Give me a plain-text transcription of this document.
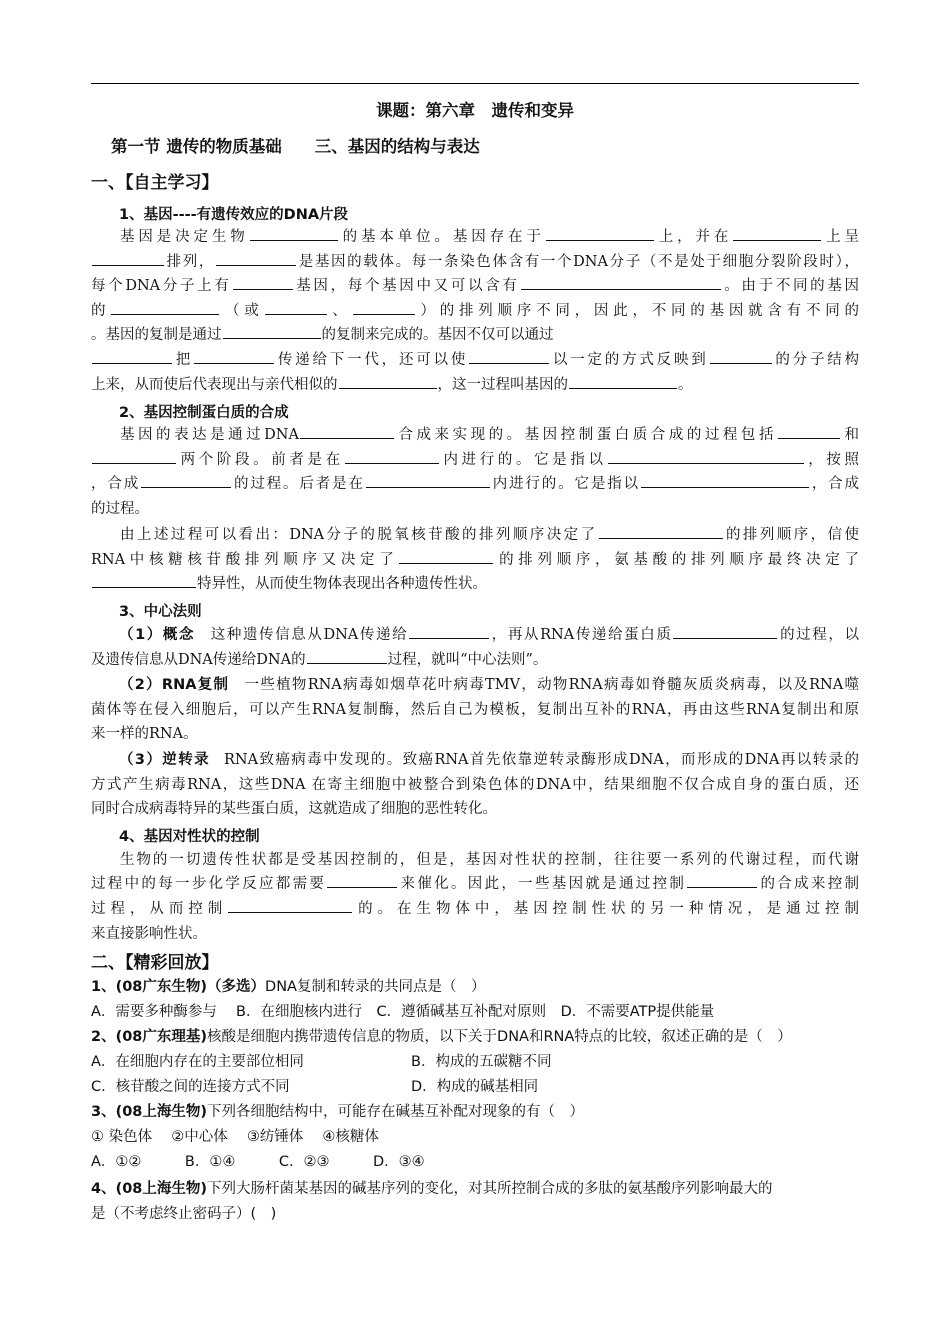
课题：第六章　遗传和变异
第一节 遗传的物质基础　　三、基因的结构与表达
一、【自主学习】
1、基因----有遗传效应的DNA片段
基因是决定生物	的基本单位。基因存在于	上，并在	上呈
排列，	是基因的载体。每一条染色体含有一个DNA分子（不是处于细胞分裂阶段时），
每个DNA分子上有	基因，每个基因中又可以含有	。由于不同的基因
的	（或	、	）的排列顺序不同，因此，不同的基因就含有不同的
。基因的复制是通过	的复制来完成的。基因不仅可以通过
把	传递给下一代，还可以使	以一定的方式反映到	的分子结构
上来，从而使后代表现出与亲代相似的	，这一过程叫基因的	。
2、基因控制蛋白质的合成
基因的表达是通过DNA	合成来实现的。基因控制蛋白质合成的过程包括	和
两个阶段。前者是在	内进行的。它是指以	，按照
，合成	的过程。后者是在	内进行的。它是指以	，合成
的过程。
由上述过程可以看出：DNA分子的脱氧核苷酸的排列顺序决定了	的排列顺序，信使
RNA中核糖核苷酸排列顺序又决定了	的排列顺序，氨基酸的排列顺序最终决定了
特异性，从而使生物体表现出各种遗传性状。
3、中心法则
（1）概念 这种遗传信息从DNA传递给	，再从RNA传递给蛋白质	的过程，以
及遗传信息从DNA传递给DNA的	过程，就叫“中心法则”。
（2）RNA复制 一些植物RNA病毒如烟草花叶病毒TMV，动物RNA病毒如脊髓灰质炎病毒，以及RNA噬
菌体等在侵入细胞后，可以产生RNA复制酶，然后自己为模板，复制出互补的RNA，再由这些RNA复制出和原
来一样的RNA。
（3）逆转录 RNA致癌病毒中发现的。致癌RNA首先依靠逆转录酶形成DNA，而形成的DNA再以转录的
方式产生病毒RNA，这些DNA 在寄主细胞中被整合到染色体的DNA中，结果细胞不仅合成自身的蛋白质，还
同时合成病毒特异的某些蛋白质，这就造成了细胞的恶性转化。
4、基因对性状的控制
生物的一切遗传性状都是受基因控制的，但是，基因对性状的控制，往往要一系列的代谢过程，而代谢
过程中的每一步化学反应都需要	来催化。因此，一些基因就是通过控制	的合成来控制
过程，从而控制	的。在生物体中，基因控制性状的另一种情况，是通过控制
来直接影响性状。
二、【精彩回放】
1、(08广东生物)（多选）DNA复制和转录的共同点是（　）
A．需要多种酶参与　 B．在细胞核内进行　C．遵循碱基互补配对原则　D．不需要ATP提供能量
2、(08广东理基)核酸是细胞内携带遗传信息的物质，以下关于DNA和RNA特点的比较，叙述正确的是（　）
A．在细胞内存在的主要部位相同	B．构成的五碳糖不同
C．核苷酸之间的连接方式不同	D．构成的碱基相同
3、(08上海生物)下列各细胞结构中，可能存在碱基互补配对现象的有（　）
① 染色体　 ②中心体　 ③纺锤体　 ④核糖体
A．①②　　　B．①④　　　C．②③　　　D．③④
4、(08上海生物)下列大肠杆菌某基因的碱基序列的变化，对其所控制合成的多肽的氨基酸序列影响最大的
是（不考虑终止密码子）(　)
